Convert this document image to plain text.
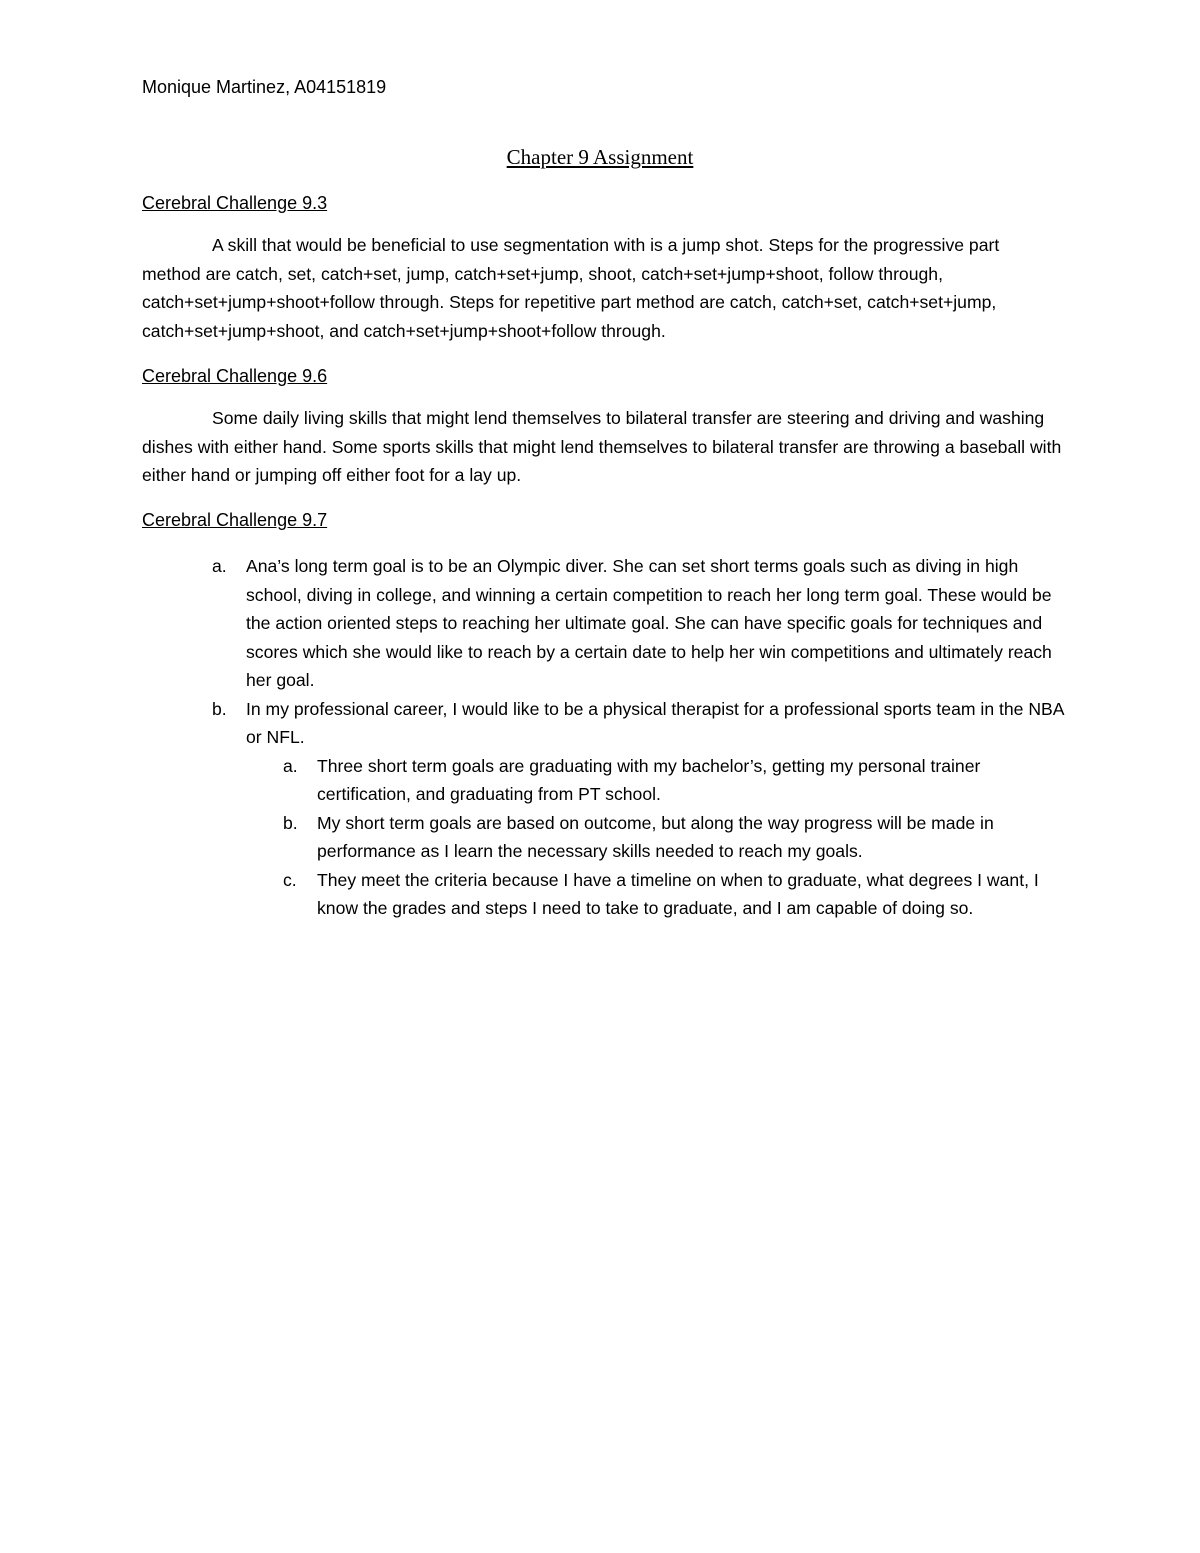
Monique Martinez, A04151819
Chapter 9 Assignment
Cerebral Challenge 9.3

A skill that would be beneficial to use segmentation with is a jump shot. Steps for the progressive part method are catch, set, catch+set, jump, catch+set+jump, shoot, catch+set+jump+shoot, follow through, catch+set+jump+shoot+follow through. Steps for repetitive part method are catch, catch+set, catch+set+jump, catch+set+jump+shoot, and catch+set+jump+shoot+follow through.

Cerebral Challenge 9.6

Some daily living skills that might lend themselves to bilateral transfer are steering and driving and washing dishes with either hand. Some sports skills that might lend themselves to bilateral transfer are throwing a baseball with either hand or jumping off either foot for a lay up.

Cerebral Challenge 9.7
a. Ana’s long term goal is to be an Olympic diver. She can set short terms goals such as diving in high school, diving in college, and winning a certain competition to reach her long term goal. These would be the action oriented steps to reaching her ultimate goal. She can have specific goals for techniques and scores which she would like to reach by a certain date to help her win competitions and ultimately reach her goal.
b. In my professional career, I would like to be a physical therapist for a professional sports team in the NBA or NFL.
a. Three short term goals are graduating with my bachelor’s, getting my personal trainer certification, and graduating from PT school.
b. My short term goals are based on outcome, but along the way progress will be made in performance as I learn the necessary skills needed to reach my goals.
c. They meet the criteria because I have a timeline on when to graduate, what degrees I want, I know the grades and steps I need to take to graduate, and I am capable of doing so.
